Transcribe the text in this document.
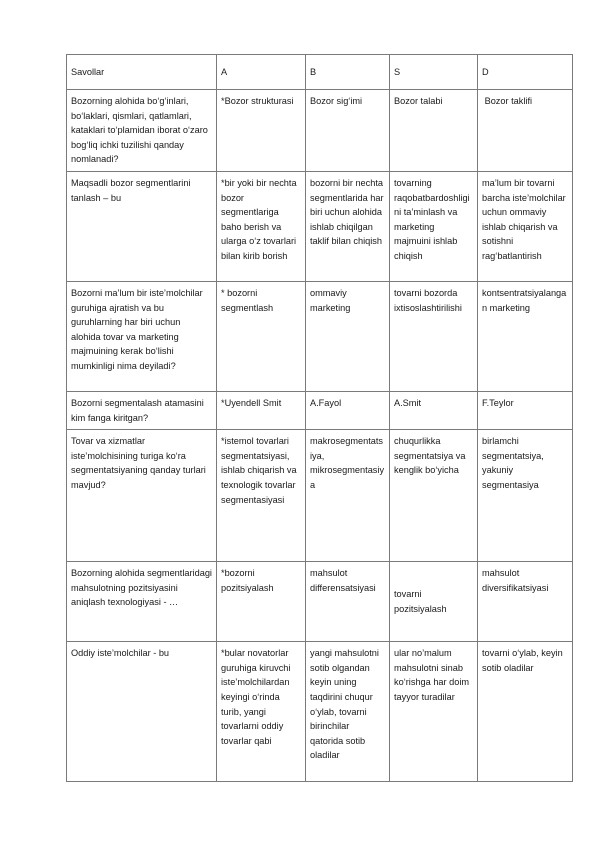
Savollar	A	B	S	D
Bozorning alohida bo‘g‘inlari, bo‘laklari, qismlari, qatlamlari, kataklari to‘plamidan iborat o‘zaro bog‘liq ichki tuzilishi qanday  nomlanadi?	*Bozor strukturasi	Bozor sig‘imi	Bozor talabi	Bozor taklifi
Maqsadli bozor segmentlarini tanlash – bu	*bir yoki bir nechta bozor segmentlariga baho berish va ularga o‘z tovarlari bilan kirib borish	bozorni bir nechta segmentlarida har biri uchun alohida ishlab chiqilgan taklif bilan chiqish	tovarning raqobatbardoshligini ta’minlash va marketing majmuini ishlab chiqish	ma’lum bir tovarni barcha iste’molchilar uchun ommaviy ishlab chiqarish va sotishni rag‘batlantirish
Bozorni ma’lum bir iste’molchilar guruhiga ajratish va bu guruhlarning har biri uchun alohida tovar va marketing majmuining kerak bo‘lishi mumkinligi nima deyiladi?	* bozorni segmentlash	ommaviy marketing	tovarni bozorda ixtisoslashtirilishi	kontsentratsiyalangan marketing
Bozorni segmentalash atamasini kim fanga kiritgan?	*Uyendell Smit	A.Fayol	A.Smit	F.Teylor
Tovar va xizmatlar iste’molchisining turiga ko‘ra segmentatsiyaning qanday turlari mavjud?	*istemol tovarlari segmentatsiyasi, ishlab chiqarish va texnologik tovarlar segmentasiyasi	makrosegmentatsiya, mikrosegmentasiya	chuqurlikka segmentatsiya va kenglik bo‘yicha	birlamchi segmentatsiya, yakuniy segmentasiya
Bozorning alohida segmentlaridagi mahsulotning pozitsiyasini aniqlash texnologiyasi - …	*bozorni pozitsiyalash	mahsulot differensatsiyasi	tovarni pozitsiyalash	mahsulot diversifikatsiyasi
Oddiy iste’molchilar - bu	*bular novatorlar guruhiga kiruvchi iste’molchilardan keyingi o‘rinda turib, yangi tovarlarni oddiy tovarlar qabi	yangi mahsulotni sotib olgandan keyin uning taqdirini chuqur o‘ylab, tovarni birinchilar qatorida sotib oladilar	ular no’malum mahsulotni sinab ko‘rishga har doim tayyor turadilar	tovarni o‘ylab, keyin sotib oladilar
